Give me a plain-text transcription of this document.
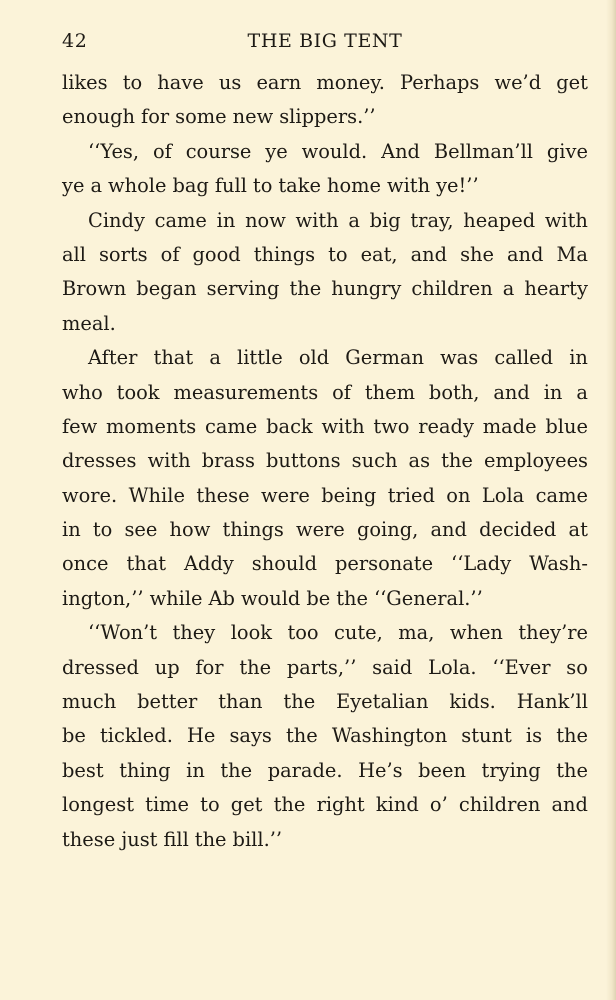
42	THE BIG TENT
likes to have us earn money. Perhaps we’d get
enough for some new slippers.’’
‘‘Yes, of course ye would. And Bellman’ll give
ye a whole bag full to take home with ye!’’
Cindy came in now with a big tray, heaped with
all sorts of good things to eat, and she and Ma
Brown began serving the hungry children a hearty
meal.
After that a little old German was called in
who took measurements of them both, and in a
few moments came back with two ready made blue
dresses with brass buttons such as the employees
wore. While these were being tried on Lola came
in to see how things were going, and decided at
once that Addy should personate ‘‘Lady Wash-
ington,’’ while Ab would be the ‘‘General.’’
‘‘Won’t they look too cute, ma, when they’re
dressed up for the parts,’’ said Lola. ‘‘Ever so
much better than the Eyetalian kids. Hank’ll
be tickled. He says the Washington stunt is the
best thing in the parade. He’s been trying the
longest time to get the right kind o’ children and
these just fill the bill.’’
